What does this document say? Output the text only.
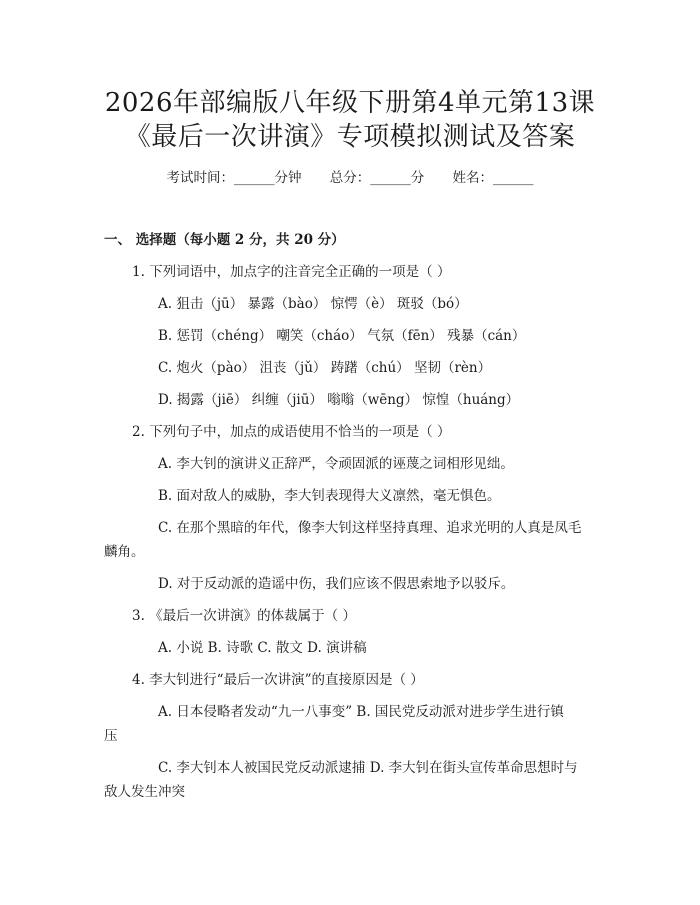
2026年部编版八年级下册第4单元第13课
《最后一次讲演》专项模拟测试及答案
考试时间：______分钟 总分：______分 姓名：______
一、 选择题（每小题 2 分，共 20 分）
1. 下列词语中，加点字的注音完全正确的一项是（ ）
A. 狙击（jū） 暴露（bào） 惊愕（è） 斑驳（bó）
B. 惩罚（chéng） 嘲笑（cháo） 气氛（fēn） 残暴（cán）
C. 炮火（pào） 沮丧（jǔ） 踌躇（chú） 坚韧（rèn）
D. 揭露（jiē） 纠缠（jiū） 嗡嗡（wēng） 惊惶（huáng）
2. 下列句子中，加点的成语使用不恰当的一项是（ ）
A. 李大钊的演讲义正辞严，令顽固派的诬蔑之词相形见绌。
B. 面对敌人的威胁，李大钊表现得大义凛然，毫无惧色。
C. 在那个黑暗的年代，像李大钊这样坚持真理、追求光明的人真是凤毛
麟角。
D. 对于反动派的造谣中伤，我们应该不假思索地予以驳斥。
3. 《最后一次讲演》的体裁属于（ ）
A. 小说 B. 诗歌 C. 散文 D. 演讲稿
4. 李大钊进行“最后一次讲演”的直接原因是（ ）
A. 日本侵略者发动“九一八事变” B. 国民党反动派对进步学生进行镇
压
C. 李大钊本人被国民党反动派逮捕 D. 李大钊在街头宣传革命思想时与
敌人发生冲突
